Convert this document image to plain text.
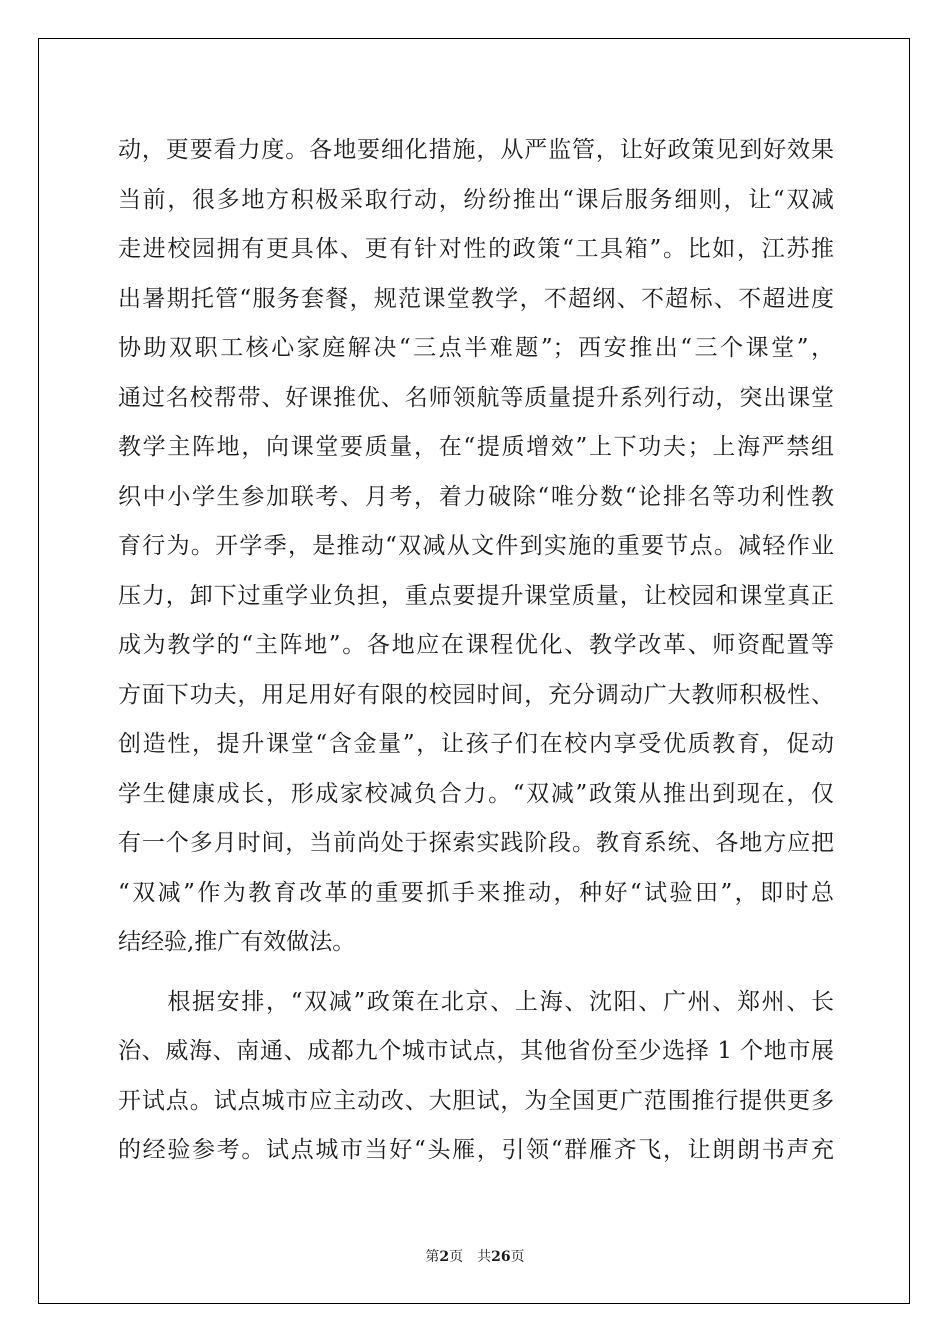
动，更要看力度。各地要细化措施，从严监管，让好政策见到好效果
当前，很多地方积极采取行动，纷纷推出“课后服务细则，让“双减
走进校园拥有更具体、更有针对性的政策“工具箱”。比如，江苏推
出暑期托管“服务套餐，规范课堂教学，不超纲、不超标、不超进度
协助双职工核心家庭解决“三点半难题”；西安推出“三个课堂”，
通过名校帮带、好课推优、名师领航等质量提升系列行动，突出课堂
教学主阵地，向课堂要质量，在“提质增效”上下功夫；上海严禁组
织中小学生参加联考、月考，着力破除“唯分数“论排名等功利性教
育行为。开学季，是推动“双减从文件到实施的重要节点。减轻作业
压力，卸下过重学业负担，重点要提升课堂质量，让校园和课堂真正
成为教学的“主阵地”。各地应在课程优化、教学改革、师资配置等
方面下功夫，用足用好有限的校园时间，充分调动广大教师积极性、
创造性，提升课堂“含金量”，让孩子们在校内享受优质教育，促动
学生健康成长，形成家校减负合力。“双减”政策从推出到现在，仅
有一个多月时间，当前尚处于探索实践阶段。教育系统、各地方应把
“双减”作为教育改革的重要抓手来推动，种好“试验田”，即时总
结经验,推广有效做法。
　　根据安排，“双减”政策在北京、上海、沈阳、广州、郑州、长
治、威海、南通、成都九个城市试点，其他省份至少选择 1 个地市展
开试点。试点城市应主动改、大胆试，为全国更广范围推行提供更多
的经验参考。试点城市当好“头雁，引领“群雁齐飞，让朗朗书声充
第2页 共26页
